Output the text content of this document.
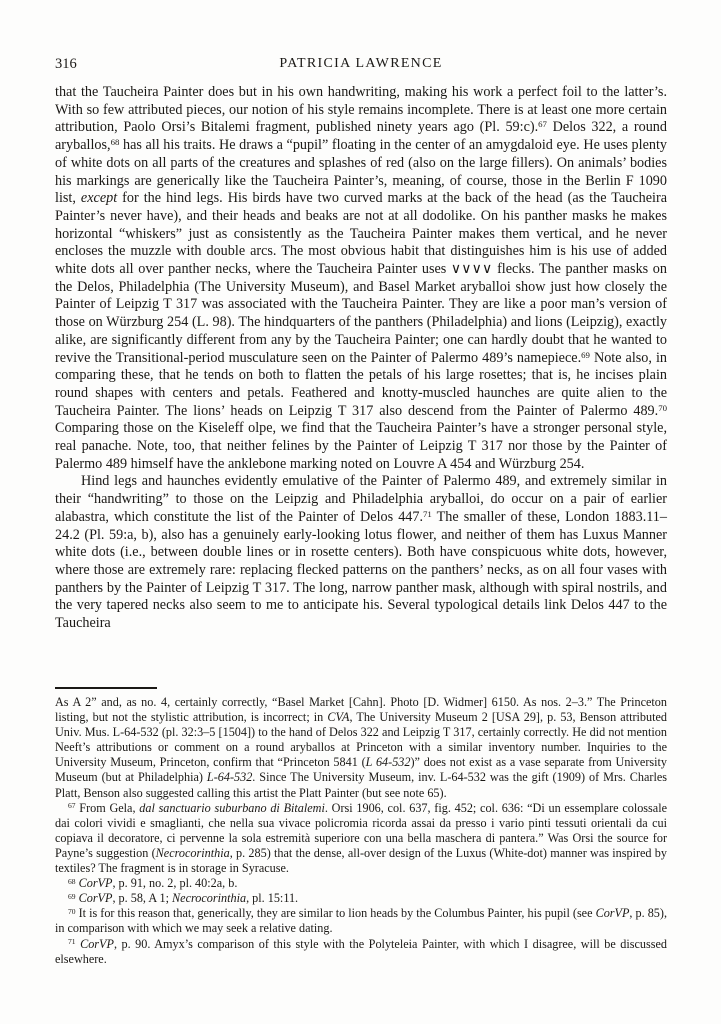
316	PATRICIA LAWRENCE

that the Taucheira Painter does but in his own handwriting, making his work a perfect foil to the latter’s. With so few attributed pieces, our notion of his style remains incomplete. There is at least one more certain attribution, Paolo Orsi’s Bitalemi fragment, published ninety years ago (Pl. 59:c).$^{67}$ Delos 322, a round aryballos,$^{68}$ has all his traits. He draws a “pupil” floating in the center of an amygdaloid eye. He uses plenty of white dots on all parts of the creatures and splashes of red (also on the large fillers). On animals’ bodies his markings are generically like the Taucheira Painter’s, meaning, of course, those in the Berlin F 1090 list, except for the hind legs. His birds have two curved marks at the back of the head (as the Taucheira Painter’s never have), and their heads and beaks are not at all dodolike. On his panther masks he makes horizontal “whiskers” just as consistently as the Taucheira Painter makes them vertical, and he never encloses the muzzle with double arcs. The most obvious habit that distinguishes him is his use of added white dots all over panther necks, where the Taucheira Painter uses ∨∨∨∨ flecks. The panther masks on the Delos, Philadelphia (The University Museum), and Basel Market aryballoi show just how closely the Painter of Leipzig T 317 was associated with the Taucheira Painter. They are like a poor man’s version of those on Würzburg 254 (L. 98). The hindquarters of the panthers (Philadelphia) and lions (Leipzig), exactly alike, are significantly different from any by the Taucheira Painter; one can hardly doubt that he wanted to revive the Transitional-period musculature seen on the Painter of Palermo 489’s namepiece.$^{69}$ Note also, in comparing these, that he tends on both to flatten the petals of his large rosettes; that is, he incises plain round shapes with centers and petals. Feathered and knotty-muscled haunches are quite alien to the Taucheira Painter. The lions’ heads on Leipzig T 317 also descend from the Painter of Palermo 489.70 Comparing those on the Kiseleff olpe, we find that the Taucheira Painter’s have a stronger personal style, real panache. Note, too, that neither felines by the Painter of Leipzig T 317 nor those by the Painter of Palermo 489 himself have the anklebone marking noted on Louvre A 454 and Würzburg 254.

Hind legs and haunches evidently emulative of the Painter of Palermo 489, and extremely similar in their “handwriting” to those on the Leipzig and Philadelphia aryballoi, do occur on a pair of earlier alabastra, which constitute the list of the Painter of Delos 447.71 The smaller of these, London 1883.11–24.2 (Pl. 59:a, b), also has a genuinely early-looking lotus flower, and neither of them has Luxus Manner white dots (i.e., between double lines or in rosette centers). Both have conspicuous white dots, however, where those are extremely rare: replacing flecked patterns on the panthers’ necks, as on all four vases with panthers by the Painter of Leipzig T 317. The long, narrow panther mask, although with spiral nostrils, and the very tapered necks also seem to me to anticipate his. Several typological details link Delos 447 to the Taucheira

As A 2” and, as no. 4, certainly correctly, “Basel Market [Cahn]. Photo [D. Widmer] 6150. As nos. 2–3.” The Princeton listing, but not the stylistic attribution, is incorrect; in CVA, The University Museum 2 [USA 29], p. 53, Benson attributed Univ. Mus. L-64-532 (pl. 32:3–5 [1504]) to the hand of Delos 322 and Leipzig T 317, certainly correctly. He did not mention Neeft’s attributions or comment on a round aryballos at Princeton with a similar inventory number. Inquiries to the University Museum, Princeton, confirm that “Princeton 5841 (L 64-532)” does not exist as a vase separate from University Museum (but at Philadelphia) L-64-532. Since The University Museum, inv. L-64-532 was the gift (1909) of Mrs. Charles Platt, Benson also suggested calling this artist the Platt Painter (but see note 65).

$^{67}$ From Gela, dal sanctuario suburbano di Bitalemi. Orsi 1906, col. 637, fig. 452; col. 636: “Di un essemplare colossale dai colori vividi e smaglianti, che nella sua vivace policromia ricorda assai da presso i vario pinti tessuti orientali da cui copiava il decoratore, ci pervenne la sola estremità superiore con una bella maschera di pantera.” Was Orsi the source for Payne’s suggestion (Necrocorinthia, p. 285) that the dense, all-over design of the Luxus (White-dot) manner was inspired by textiles? The fragment is in storage in Syracuse.

$^{68}$ CorVP, p. 91, no. 2, pl. 40:2a, b.

$^{69}$ CorVP, p. 58, A 1; Necrocorinthia, pl. 15:11.

$^{70}$ It is for this reason that, generically, they are similar to lion heads by the Columbus Painter, his pupil (see CorVP, p. 85), in comparison with which we may seek a relative dating.

$^{71}$ CorVP, p. 90. Amyx’s comparison of this style with the Polyteleia Painter, with which I disagree, will be discussed elsewhere.
